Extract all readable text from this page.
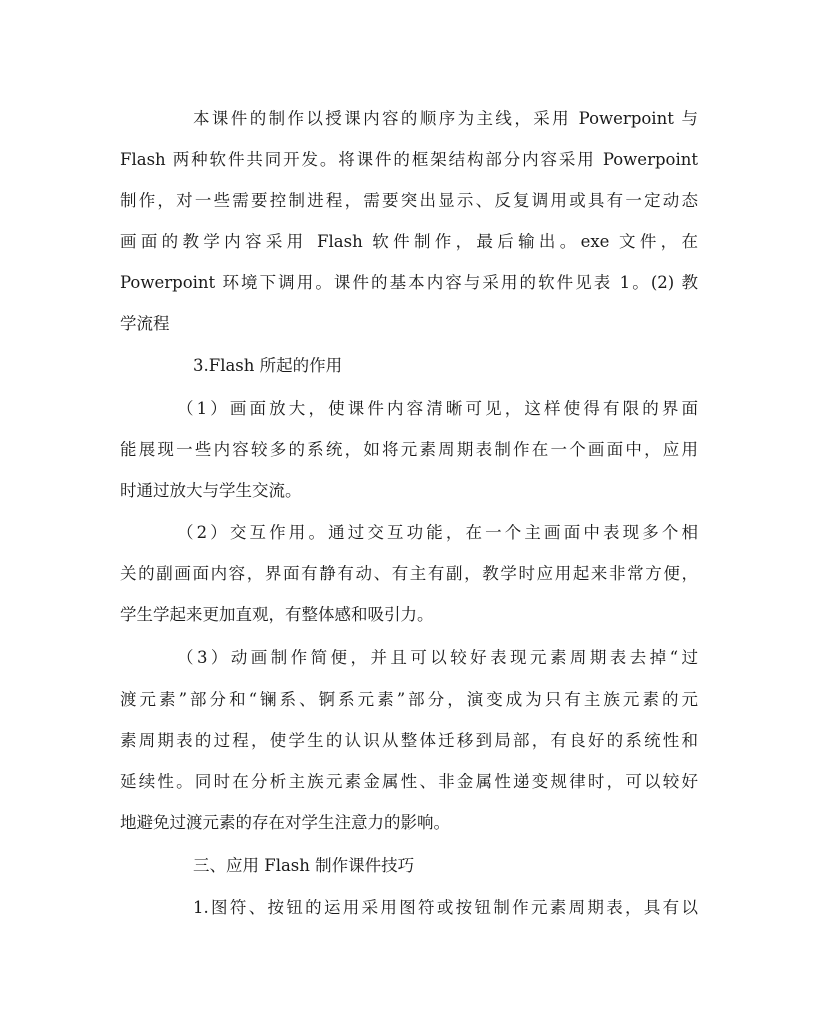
本课件的制作以授课内容的顺序为主线，采用 Powerpoint 与
Flash 两种软件共同开发。将课件的框架结构部分内容采用 Powerpoint
制作，对一些需要控制进程，需要突出显示、反复调用或具有一定动态
画面的教学内容采用 Flash 软件制作，最后输出。exe 文件，在
Powerpoint 环境下调用。课件的基本内容与采用的软件见表 1。(2) 教
学流程
3.Flash 所起的作用
（1）画面放大，使课件内容清晰可见，这样使得有限的界面
能展现一些内容较多的系统，如将元素周期表制作在一个画面中，应用
时通过放大与学生交流。
（2）交互作用。通过交互功能，在一个主画面中表现多个相
关的副画面内容，界面有静有动、有主有副，教学时应用起来非常方便，
学生学起来更加直观，有整体感和吸引力。
（3）动画制作简便，并且可以较好表现元素周期表去掉“过
渡元素”部分和“镧系、锕系元素”部分，演变成为只有主族元素的元
素周期表的过程，使学生的认识从整体迁移到局部，有良好的系统性和
延续性。同时在分析主族元素金属性、非金属性递变规律时，可以较好
地避免过渡元素的存在对学生注意力的影响。
三、应用 Flash 制作课件技巧
1.图符、按钮的运用采用图符或按钮制作元素周期表，具有以
